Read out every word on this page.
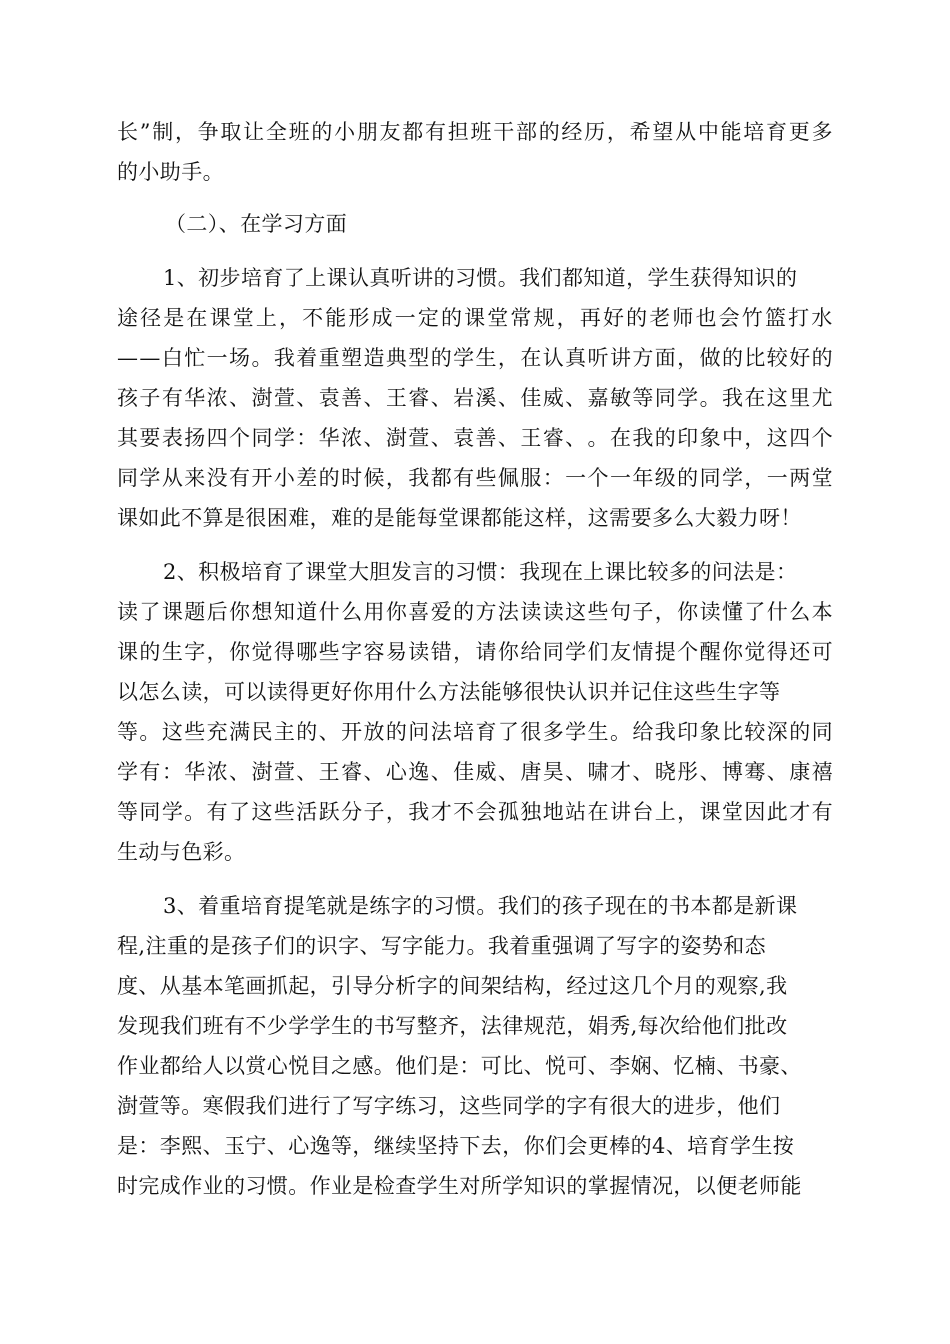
长 ” 制 ， 争 取 让 全 班 的 小 朋 友 都 有 担 班 干 部 的 经 历 ， 希 望 从 中 能 培 育 更 多
的小助手。
（二）、在学习方面
1、初步培育了上课认真听讲的习惯。我们都知道，学生获得知识的
途 径 是 在 课 堂 上 ， 不 能 形 成 一 定 的 课 堂 常 规 ， 再 好 的 老 师 也 会 竹 篮 打 水
— — 白 忙 一 场 。 我 着 重 塑 造 典 型 的 学 生 ， 在 认 真 听 讲 方 面 ， 做 的 比 较 好 的
孩 子 有 华 浓 、 澍 萱 、 袁 善 、 王 睿 、 岩 溪 、 佳 威 、 嘉 敏 等 同 学 。 我 在 这 里 尤
其 要 表 扬 四 个 同 学 ： 华 浓 、 澍 萱 、 袁 善 、 王 睿 、 。 在 我 的 印 象 中 ， 这 四 个
同 学 从 来 没 有 开 小 差 的 时 候 ， 我 都 有 些 佩 服 ： 一 个 一 年 级 的 同 学 ， 一 两 堂
课如此不算是很困难，难的是能每堂课都能这样，这需要多么大毅力呀！
2、积极培育了课堂大胆发言的习惯：我现在上课比较多的问法是：
读 了 课 题 后 你 想 知 道 什 么 用 你 喜 爱 的 方 法 读 读 这 些 句 子 ， 你 读 懂 了 什 么 本
课 的 生 字 ， 你 觉 得 哪 些 字 容 易 读 错 ， 请 你 给 同 学 们 友 情 提 个 醒 你 觉 得 还 可
以怎么读，可以读得更好你用什么方法能够很快认识并记住这些生字等
等 。 这 些 充 满 民 主 的 、 开 放 的 问 法 培 育 了 很 多 学 生 。 给 我 印 象 比 较 深 的 同
学 有 ： 华 浓 、 澍 萱 、 王 睿 、 心 逸 、 佳 威 、 唐 昊 、 啸 才 、 晓 彤 、 博 骞 、 康 禧
等 同 学 。 有 了 这 些 活 跃 分 子 ， 我 才 不 会 孤 独 地 站 在 讲 台 上 ， 课 堂 因 此 才 有
生动与色彩。
3、着重培育提笔就是练字的习惯。我们的孩子现在的书本都是新课
程,注重的是孩子们的识字、写字能力。我着重强调了写字的姿势和态
度、从基本笔画抓起，引导分析字的间架结构，经过这几个月的观察,我
发现我们班有不少学学生的书写整齐，法律规范，娟秀,每次给他们批改
作业都给人以赏心悦目之感。他们是：可比、悦可、李娴、忆楠、书豪、
澍萱等。寒假我们进行了写字练习，这些同学的字有很大的进步，他们
是：李熙、玉宁、心逸等，继续坚持下去，你们会更棒的4、培育学生按
时完成作业的习惯。作业是检查学生对所学知识的掌握情况，以便老师能
